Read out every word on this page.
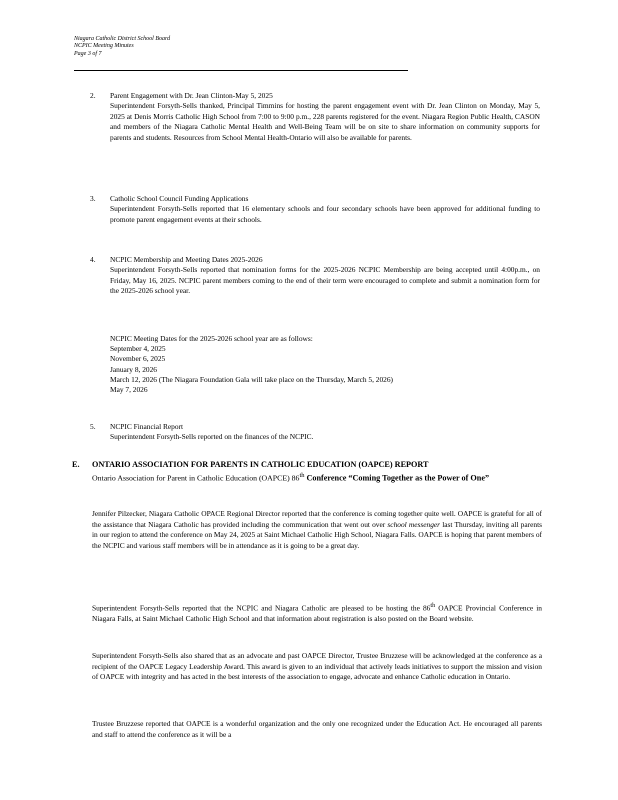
Niagara Catholic District School Board
NCPIC Meeting Minutes
Page 3 of 7
2. Parent Engagement with Dr. Jean Clinton-May 5, 2025

Superintendent Forsyth-Sells thanked, Principal Timmins for hosting the parent engagement event with Dr. Jean Clinton on Monday, May 5, 2025 at Denis Morris Catholic High School from 7:00 to 9:00 p.m., 228 parents registered for the event. Niagara Region Public Health, CASON and members of the Niagara Catholic Mental Health and Well-Being Team will be on site to share information on community supports for parents and students. Resources from School Mental Health-Ontario will also be available for parents.

3. Catholic School Council Funding Applications

Superintendent Forsyth-Sells reported that 16 elementary schools and four secondary schools have been approved for additional funding to promote parent engagement events at their schools.

4. NCPIC Membership and Meeting Dates 2025-2026

Superintendent Forsyth-Sells reported that nomination forms for the 2025-2026 NCPIC Membership are being accepted until 4:00p.m., on Friday, May 16, 2025. NCPIC parent members coming to the end of their term were encouraged to complete and submit a nomination form for the 2025-2026 school year.

NCPIC Meeting Dates for the 2025-2026 school year are as follows:

September 4, 2025

November 6, 2025

January 8, 2026

March 12, 2026 (The Niagara Foundation Gala will take place on the Thursday, March 5, 2026)

May 7, 2026

5. NCPIC Financial Report

Superintendent Forsyth-Sells reported on the finances of the NCPIC.

E. ONTARIO ASSOCIATION FOR PARENTS IN CATHOLIC EDUCATION (OAPCE) REPORT

Ontario Association for Parent in Catholic Education (OAPCE) 86th Conference “Coming Together as the Power of One”

Jennifer Pilzecker, Niagara Catholic OPACE Regional Director reported that the conference is coming together quite well. OAPCE is grateful for all of the assistance that Niagara Catholic has provided including the communication that went out over school messenger last Thursday, inviting all parents in our region to attend the conference on May 24, 2025 at Saint Michael Catholic High School, Niagara Falls. OAPCE is hoping that parent members of the NCPIC and various staff members will be in attendance as it is going to be a great day.

Superintendent Forsyth-Sells reported that the NCPIC and Niagara Catholic are pleased to be hosting the 86th OAPCE Provincial Conference in Niagara Falls, at Saint Michael Catholic High School and that information about registration is also posted on the Board website.

Superintendent Forsyth-Sells also shared that as an advocate and past OAPCE Director, Trustee Bruzzese will be acknowledged at the conference as a recipient of the OAPCE Legacy Leadership Award. This award is given to an individual that actively leads initiatives to support the mission and vision of OAPCE with integrity and has acted in the best interests of the association to engage, advocate and enhance Catholic education in Ontario.

Trustee Bruzzese reported that OAPCE is a wonderful organization and the only one recognized under the Education Act. He encouraged all parents and staff to attend the conference as it will be a
